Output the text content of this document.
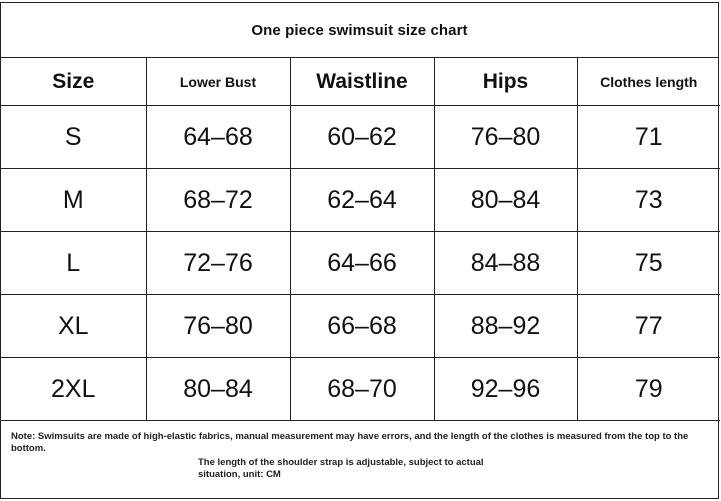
One piece swimsuit size chart
Size	Lower Bust	Waistline	Hips	Clothes length
S	64–68	60–62	76–80	71
M	68–72	62–64	80–84	73
L	72–76	64–66	84–88	75
XL	76–80	66–68	88–92	77
2XL	80–84	68–70	92–96	79
Note: Swimsuits are made of high-elastic fabrics, manual measurement may have errors, and the length of the clothes is measured from the top to the bottom.
The length of the shoulder strap is adjustable, subject to actual situation, unit: CM
